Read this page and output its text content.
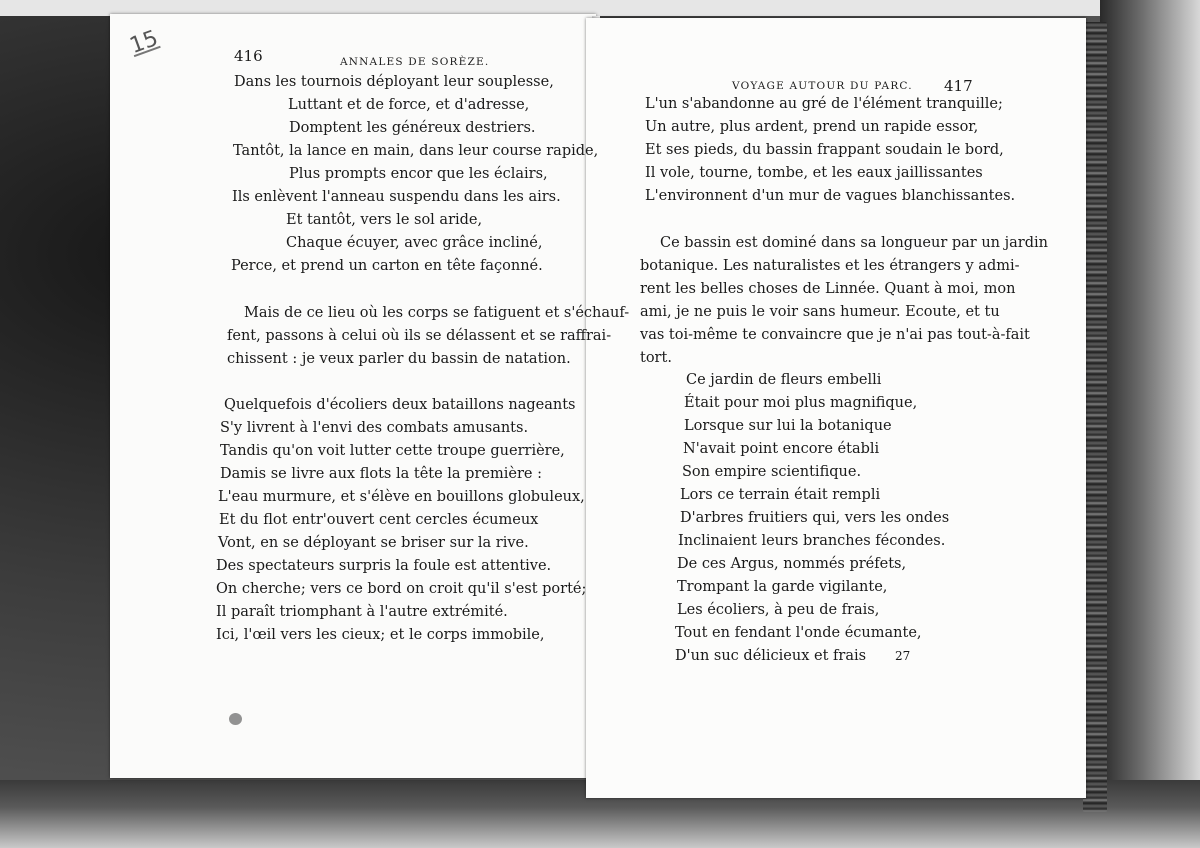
15	416	ANNALES DE SORÈZE.
Dans les tournois déployant leur souplesse,
Luttant et de force, et d'adresse,
Domptent les généreux destriers.
Tantôt, la lance en main, dans leur course rapide,
Plus prompts encor que les éclairs,
Ils enlèvent l'anneau suspendu dans les airs.
Et tantôt, vers le sol aride,
Chaque écuyer, avec grâce incliné,
Perce, et prend un carton en tête façonné.
Mais de ce lieu où les corps se fatiguent et s'échauf-
fent, passons à celui où ils se délassent et se raffrai-
chissent : je veux parler du bassin de natation.
Quelquefois d'écoliers deux bataillons nageants
S'y livrent à l'envi des combats amusants.
Tandis qu'on voit lutter cette troupe guerrière,
Damis se livre aux flots la tête la première :
L'eau murmure, et s'élève en bouillons globuleux,
Et du flot entr'ouvert cent cercles écumeux
Vont, en se déployant se briser sur la rive.
Des spectateurs surpris la foule est attentive.
On cherche; vers ce bord on croit qu'il s'est porté;
Il paraît triomphant à l'autre extrémité.
Ici, l'œil vers les cieux; et le corps immobile,
VOYAGE AUTOUR DU PARC. 417
L'un s'abandonne au gré de l'élément tranquille;
Un autre, plus ardent, prend un rapide essor,
Et ses pieds, du bassin frappant soudain le bord,
Il vole, tourne, tombe, et les eaux jaillissantes
L'environnent d'un mur de vagues blanchissantes.
Ce bassin est dominé dans sa longueur par un jardin
botanique. Les naturalistes et les étrangers y admi-
rent les belles choses de Linnée. Quant à moi, mon
ami, je ne puis le voir sans humeur. Ecoute, et tu
vas toi-même te convaincre que je n'ai pas tout-à-fait
tort.
Ce jardin de fleurs embelli
Était pour moi plus magnifique,
Lorsque sur lui la botanique
N'avait point encore établi
Son empire scientifique.
Lors ce terrain était rempli
D'arbres fruitiers qui, vers les ondes
Inclinaient leurs branches fécondes.
De ces Argus, nommés préfets,
Trompant la garde vigilante,
Les écoliers, à peu de frais,
Tout en fendant l'onde écumante,
D'un suc délicieux et frais 27
